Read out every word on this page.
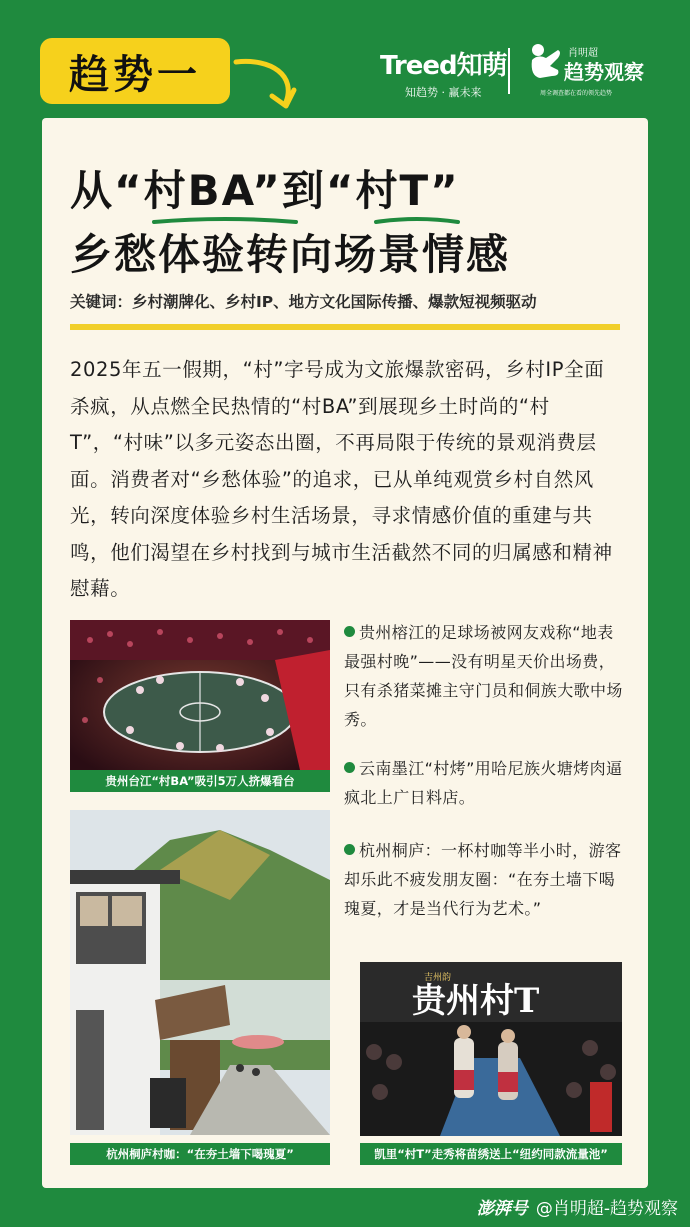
趋势一	Treed知萌
知趋势 · 赢未来
肖明超
趋势观察
周全调查都在看的领先趋势
从“村BA”到“村T”
乡愁体验转向场景情感
关键词：乡村潮牌化、乡村IP、地方文化国际传播、爆款短视频驱动
2025年五一假期，“村”字号成为文旅爆款密码，乡村IP全面杀疯，从点燃全民热情的“村BA”到展现乡土时尚的“村T”，“村味”以多元姿态出圈，不再局限于传统的景观消费层面。消费者对“乡愁体验”的追求，已从单纯观赏乡村自然风光，转向深度体验乡村生活场景，寻求情感价值的重建与共鸣，他们渴望在乡村找到与城市生活截然不同的归属感和精神慰藉。
贵州台江“村BA”吸引5万人挤爆看台
杭州桐庐村咖：“在夯土墙下喝瑰夏”
吉州韵
贵州村T
凯里“村T”走秀将苗绣送上“纽约同款流量池”
贵州榕江的足球场被网友戏称“地表最强村晚”——没有明星天价出场费，只有杀猪菜摊主守门员和侗族大歌中场秀。
云南墨江“村烤”用哈尼族火塘烤肉逼疯北上广日料店。
杭州桐庐：一杯村咖等半小时，游客却乐此不疲发朋友圈：“在夯土墙下喝瑰夏，才是当代行为艺术。”
澎湃号 @肖明超-趋势观察
